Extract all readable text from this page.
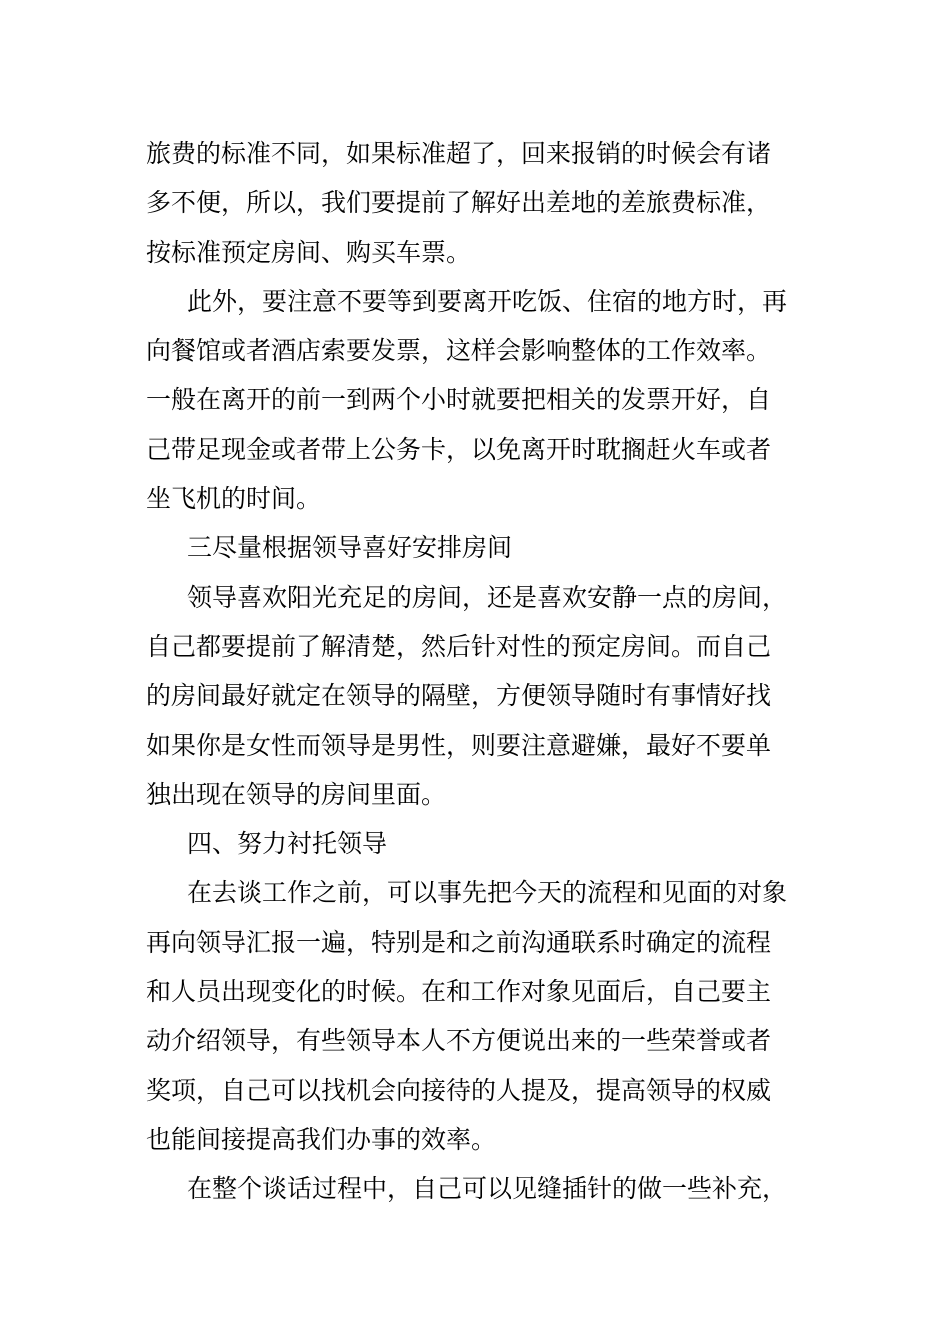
旅费的标准不同，如果标准超了，回来报销的时候会有诸
多不便，所以，我们要提前了解好出差地的差旅费标准，
按标准预定房间、购买车票。
此外，要注意不要等到要离开吃饭、住宿的地方时，再
向餐馆或者酒店索要发票，这样会影响整体的工作效率。
一般在离开的前一到两个小时就要把相关的发票开好，自
己带足现金或者带上公务卡，以免离开时耽搁赶火车或者
坐飞机的时间。
三尽量根据领导喜好安排房间
领导喜欢阳光充足的房间，还是喜欢安静一点的房间，
自己都要提前了解清楚，然后针对性的预定房间。而自己
的房间最好就定在领导的隔壁，方便领导随时有事情好找
如果你是女性而领导是男性，则要注意避嫌，最好不要单
独出现在领导的房间里面。
四、努力衬托领导
在去谈工作之前，可以事先把今天的流程和见面的对象
再向领导汇报一遍，特别是和之前沟通联系时确定的流程
和人员出现变化的时候。在和工作对象见面后，自己要主
动介绍领导，有些领导本人不方便说出来的一些荣誉或者
奖项，自己可以找机会向接待的人提及，提高领导的权威
也能间接提高我们办事的效率。
在整个谈话过程中，自己可以见缝插针的做一些补充，
